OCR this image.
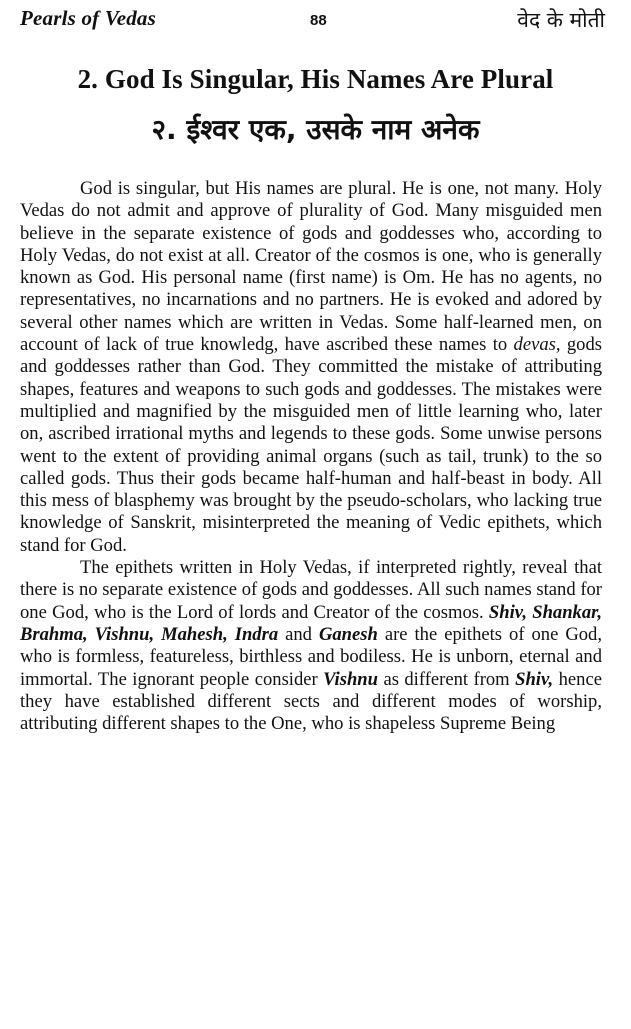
Pearls of Vedas	88	वेद के मोती
2. God Is Singular, His Names Are Plural
२. ईश्वर एक, उसके नाम अनेक

God is singular, but His names are plural. He is one, not many. Holy Vedas do not admit and approve of plurality of God. Many misguided men believe in the separate existence of gods and goddesses who, according to Holy Vedas, do not exist at all. Creator of the cosmos is one, who is generally known as God. His personal name (first name) is Om. He has no agents, no representatives, no incarnations and no partners. He is evoked and adored by several other names which are written in Vedas. Some half-learned men, on account of lack of true knowledg, have ascribed these names to devas, gods and goddesses rather than God. They committed the mistake of attributing shapes, features and weapons to such gods and goddesses. The mistakes were multiplied and magnified by the misguided men of little learning who, later on, ascribed irrational myths and legends to these gods. Some unwise persons went to the extent of providing animal organs (such as tail, trunk) to the so called gods. Thus their gods became half-human and half-beast in body. All this mess of blasphemy was brought by the pseudo-scholars, who lacking true knowledge of Sanskrit, misinterpreted the meaning of Vedic epithets, which stand for God.

The epithets written in Holy Vedas, if interpreted rightly, reveal that there is no separate existence of gods and goddesses. All such names stand for one God, who is the Lord of lords and Creator of the cosmos. Shiv, Shankar, Brahma, Vishnu, Mahesh, Indra and Ganesh are the epithets of one God, who is formless, featureless, birthless and bodiless. He is unborn, eternal and immortal. The ignorant people consider Vishnu as different from Shiv, hence they have established different sects and different modes of worship, attributing different shapes to the One, who is shapeless Supreme Being
